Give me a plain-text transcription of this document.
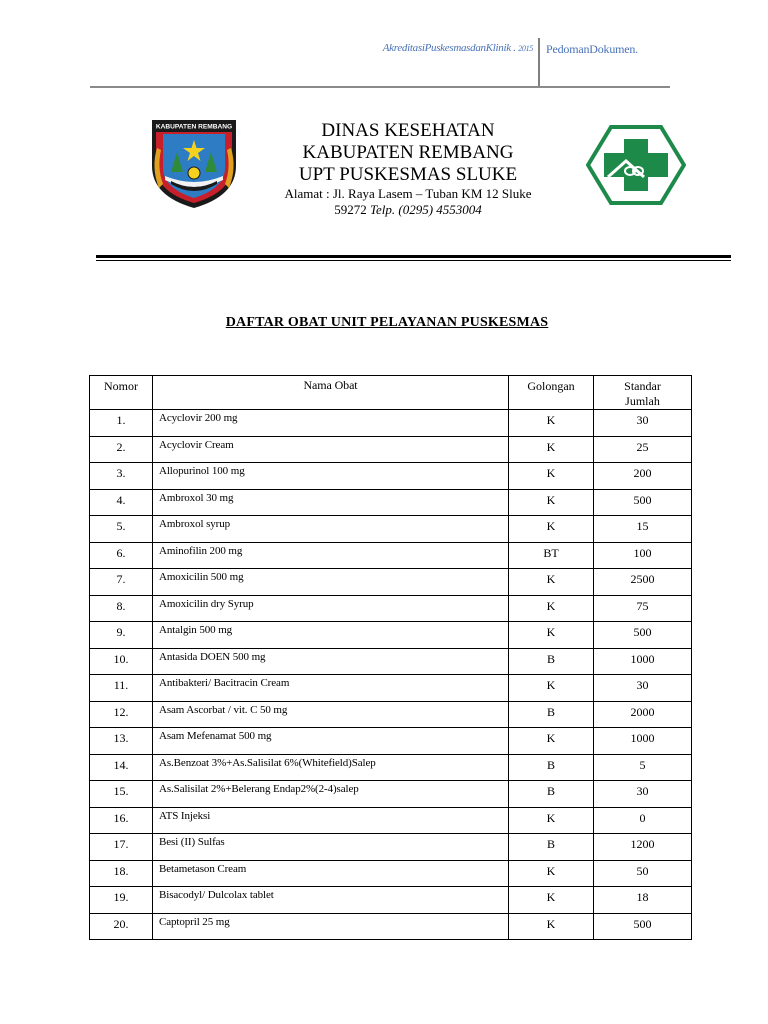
AkreditasiPuskesmasdanKlinik . 2015 PedomanDokumen.
KABUPATEN REMBANG	DINAS KESEHATAN
KABUPATEN REMBANG
UPT PUSKESMAS SLUKE
Alamat : Jl. Raya Lasem – Tuban KM 12 Sluke
59272 Telp. (0295) 4553004
DAFTAR OBAT UNIT PELAYANAN PUSKESMAS
Nomor	Nama Obat	Golongan	Standar
Jumlah

1.	Acyclovir 200 mg	K	30
2.	Acyclovir Cream	K	25
3.	Allopurinol 100 mg	K	200
4.	Ambroxol 30 mg	K	500
5.	Ambroxol syrup	K	15
6.	Aminofilin 200 mg	BT	100
7.	Amoxicilin 500 mg	K	2500
8.	Amoxicilin dry Syrup	K	75
9.	Antalgin 500 mg	K	500
10.	Antasida DOEN 500 mg	B	1000
11.	Antibakteri/ Bacitracin Cream	K	30
12.	Asam Ascorbat / vit. C 50 mg	B	2000
13.	Asam Mefenamat 500 mg	K	1000
14.	As.Benzoat 3%+As.Salisilat 6%(Whitefield)Salep	B	5
15.	As.Salisilat 2%+Belerang Endap2%(2-4)salep	B	30
16.	ATS Injeksi	K	0
17.	Besi (II) Sulfas	B	1200
18.	Betametason Cream	K	50
19.	Bisacodyl/ Dulcolax tablet	K	18
20.	Captopril 25 mg	K	500
